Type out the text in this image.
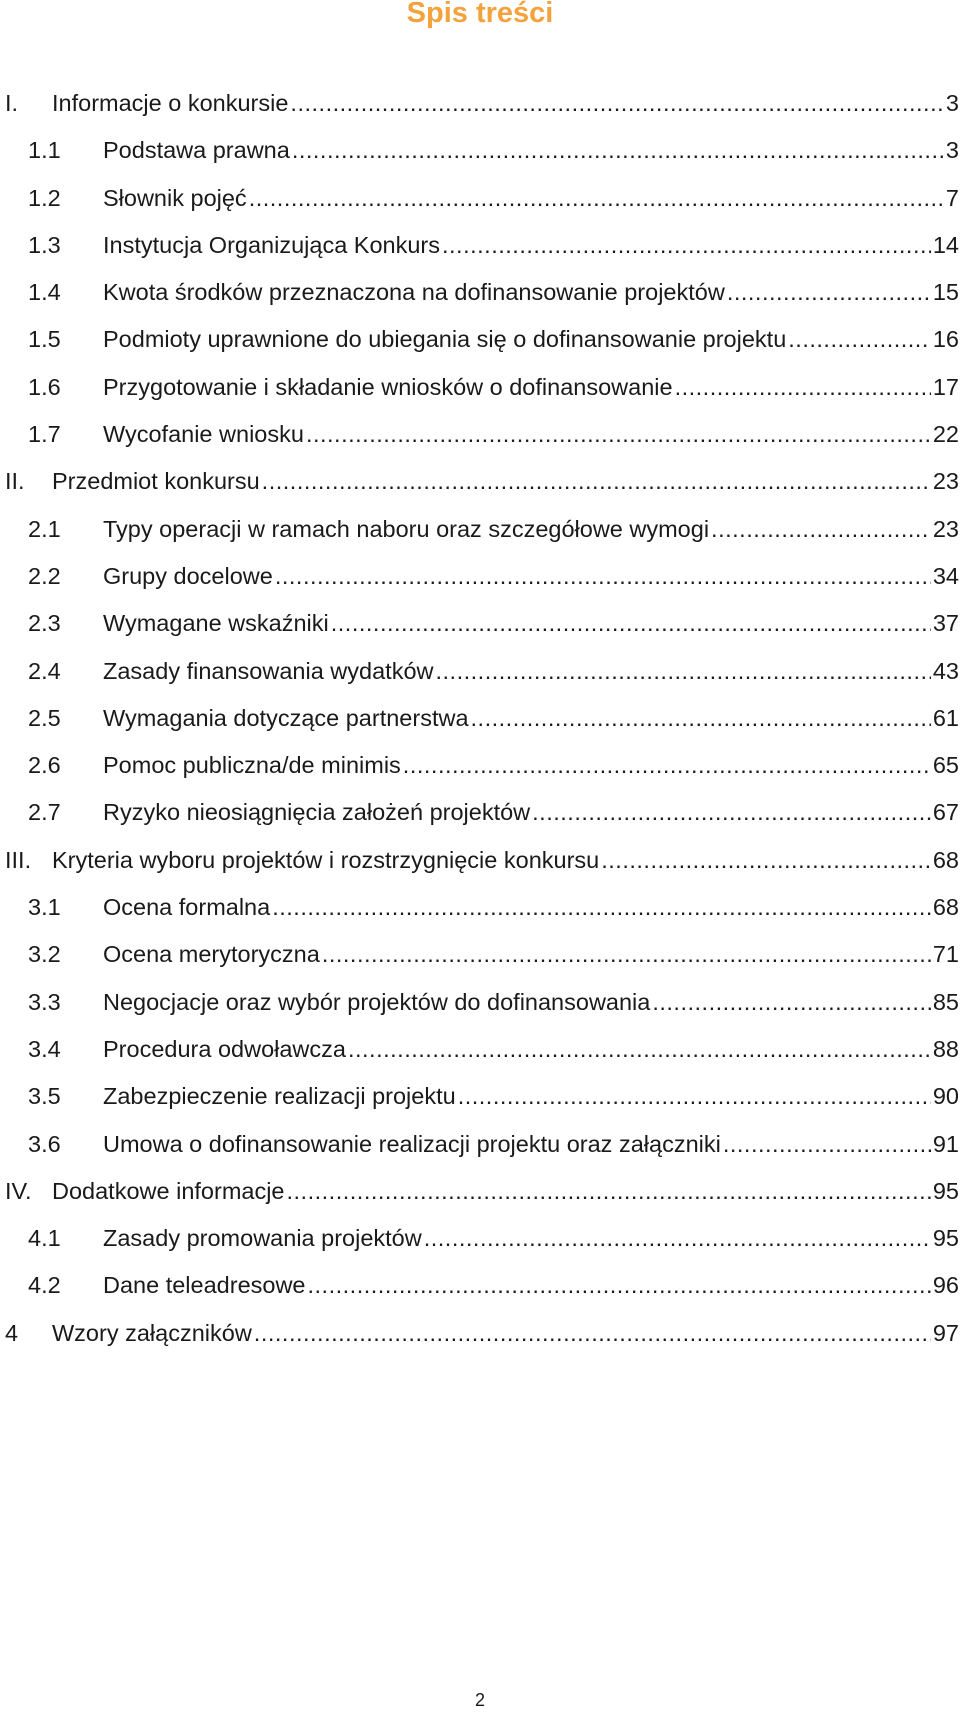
Spis treści
I.	Informacje o konkursie .....	3
1.1	Podstawa prawna .....	3
1.2	Słownik pojęć .....	7
1.3	Instytucja Organizująca Konkurs .....	14
1.4	Kwota środków przeznaczona na dofinansowanie projektów .....	15
1.5	Podmioty uprawnione do ubiegania się o dofinansowanie projektu .....	16
1.6	Przygotowanie i składanie wniosków o dofinansowanie .....	17
1.7	Wycofanie wniosku .....	22
II.	Przedmiot konkursu .....	23
2.1	Typy operacji w ramach naboru oraz szczegółowe wymogi .....	23
2.2	Grupy docelowe .....	34
2.3	Wymagane wskaźniki .....	37
2.4	Zasady finansowania wydatków .....	43
2.5	Wymagania dotyczące partnerstwa .....	61
2.6	Pomoc publiczna/de minimis .....	65
2.7	Ryzyko nieosiągnięcia założeń projektów .....	67
III. Kryteria wyboru projektów i rozstrzygnięcie konkursu .....	68
3.1	Ocena formalna .....	68
3.2	Ocena merytoryczna .....	71
3.3	Negocjacje oraz wybór projektów do dofinansowania .....	85
3.4	Procedura odwoławcza .....	88
3.5	Zabezpieczenie realizacji projektu .....	90
3.6	Umowa o dofinansowanie realizacji projektu oraz załączniki .....	91
IV. Dodatkowe informacje .....	95
4.1	Zasady promowania projektów .....	95
4.2	Dane teleadresowe .....	96
4	Wzory załączników .....	97
2
